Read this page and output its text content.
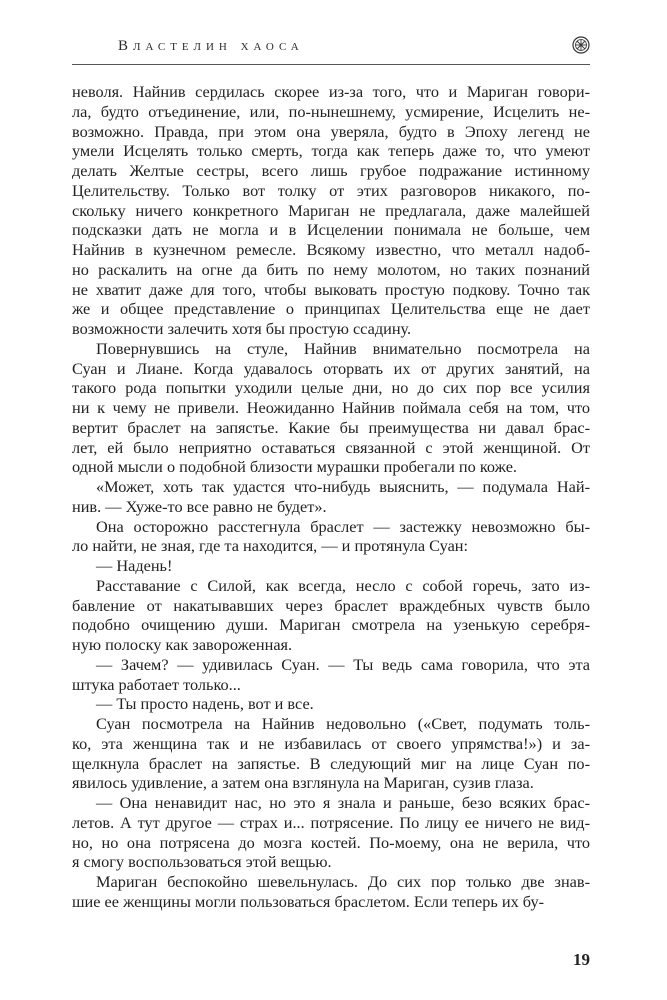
Властелин хаоса
неволя. Найнив сердилась скорее из-за того, что и Мариган говори-
ла, будто отъединение, или, по-нынешнему, усмирение, Исцелить не-
возможно. Правда, при этом она уверяла, будто в Эпоху легенд не
умели Исцелять только смерть, тогда как теперь даже то, что умеют
делать Желтые сестры, всего лишь грубое подражание истинному
Целительству. Только вот толку от этих разговоров никакого, по-
скольку ничего конкретного Мариган не предлагала, даже малейшей
подсказки дать не могла и в Исцелении понимала не больше, чем
Найнив в кузнечном ремесле. Всякому известно, что металл надоб-
но раскалить на огне да бить по нему молотом, но таких познаний
не хватит даже для того, чтобы выковать простую подкову. Точно так
же и общее представление о принципах Целительства еще не дает
возможности залечить хотя бы простую ссадину.
Повернувшись на стуле, Найнив внимательно посмотрела на
Суан и Лиане. Когда удавалось оторвать их от других занятий, на
такого рода попытки уходили целые дни, но до сих пор все усилия
ни к чему не привели. Неожиданно Найнив поймала себя на том, что
вертит браслет на запястье. Какие бы преимущества ни давал брас-
лет, ей было неприятно оставаться связанной с этой женщиной. От
одной мысли о подобной близости мурашки пробегали по коже.
«Может, хоть так удастся что-нибудь выяснить, — подумала Най-
нив. — Хуже-то все равно не будет».
Она осторожно расстегнула браслет — застежку невозможно бы-
ло найти, не зная, где та находится, — и протянула Суан:
— Надень!
Расставание с Силой, как всегда, несло с собой горечь, зато из-
бавление от накатывавших через браслет враждебных чувств было
подобно очищению души. Мариган смотрела на узенькую серебря-
ную полоску как завороженная.
— Зачем? — удивилась Суан. — Ты ведь сама говорила, что эта
штука работает только...
— Ты просто надень, вот и все.
Суан посмотрела на Найнив недовольно («Свет, подумать толь-
ко, эта женщина так и не избавилась от своего упрямства!») и за-
щелкнула браслет на запястье. В следующий миг на лице Суан по-
явилось удивление, а затем она взглянула на Мариган, сузив глаза.
— Она ненавидит нас, но это я знала и раньше, безо всяких брас-
летов. А тут другое — страх и... потрясение. По лицу ее ничего не вид-
но, но она потрясена до мозга костей. По-моему, она не верила, что
я смогу воспользоваться этой вещью.
Мариган беспокойно шевельнулась. До сих пор только две знав-
шие ее женщины могли пользоваться браслетом. Если теперь их бу-
19
